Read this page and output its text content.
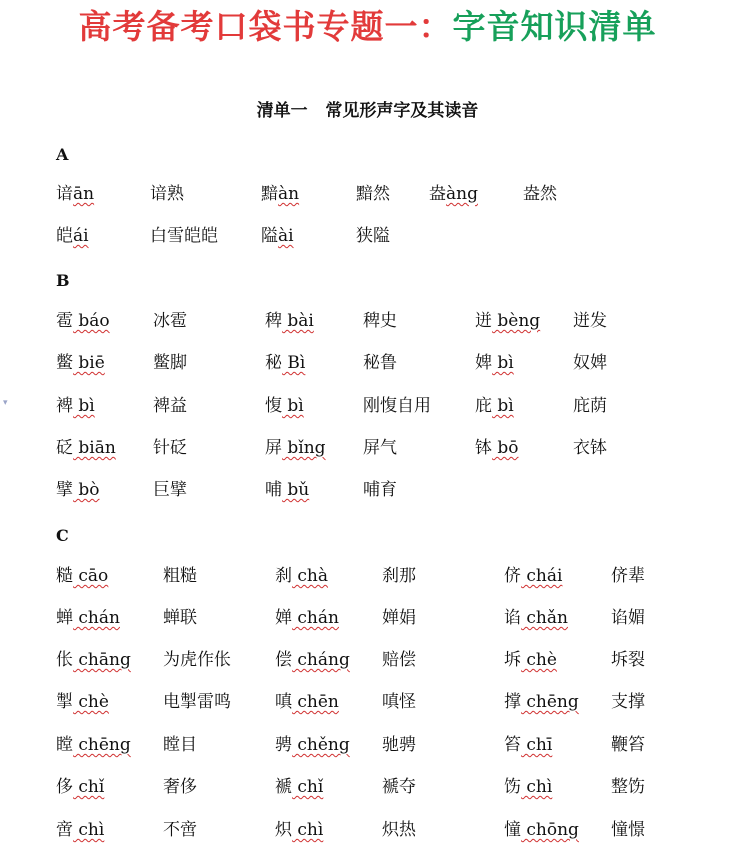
高考备考口袋书专题一：字音知识清单
清单一   常见形声字及其读音
▾
A
谙ān	谙熟	黯àn	黯然 盎àng	盎然
皑ái	白雪皑皑	隘ài	狭隘
B
雹 báo	冰雹	稗 bài	稗史	迸 bèng 迸发
鳖 biē	鳖脚	秘 Bì	秘鲁	婢 bì	奴婢
裨 bì	裨益	愎 bì	刚愎自用	庇 bì	庇荫
砭 biān 针砭	屏 bǐng 屏气	钵 bō	衣钵
擘 bò	巨擘	哺 bǔ	哺育
C
糙 cāo	粗糙	刹 chà	刹那	侪 chái	侪辈
蝉 chán	蝉联	婵 chán	婵娟	谄 chǎn	谄媚
伥 chāng 为虎作伥	偿 cháng 赔偿	坼 chè	坼裂
掣 chè	电掣雷鸣	嗔 chēn	嗔怪	撑 chēng 支撑
瞠 chēng 瞠目	骋 chěng 驰骋	笞 chī	鞭笞
侈 chǐ	奢侈	褫 chǐ	褫夺	饬 chì	整饬
啻 chì	不啻	炽 chì	炽热	憧 chōng 憧憬
